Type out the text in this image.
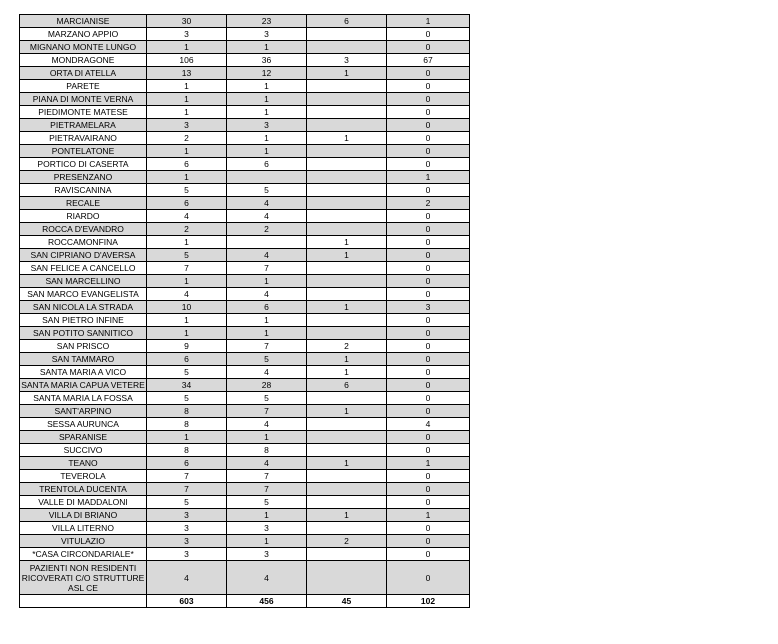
MARCIANISE	30	23	6	1
MARZANO APPIO	3	3		0
MIGNANO MONTE LUNGO	1	1		0
MONDRAGONE	106	36	3	67
ORTA DI ATELLA	13	12	1	0
PARETE	1	1		0
PIANA DI MONTE VERNA	1	1		0
PIEDIMONTE MATESE	1	1		0
PIETRAMELARA	3	3		0
PIETRAVAIRANO	2	1	1	0
PONTELATONE	1	1		0
PORTICO DI CASERTA	6	6		0
PRESENZANO	1			1
RAVISCANINA	5	5		0
RECALE	6	4		2
RIARDO	4	4		0
ROCCA D'EVANDRO	2	2		0
ROCCAMONFINA	1		1	0
SAN CIPRIANO D'AVERSA	5	4	1	0
SAN FELICE A CANCELLO	7	7		0
SAN MARCELLINO	1	1		0
SAN MARCO EVANGELISTA	4	4		0
SAN NICOLA LA STRADA	10	6	1	3
SAN PIETRO INFINE	1	1		0
SAN POTITO SANNITICO	1	1		0
SAN PRISCO	9	7	2	0
SAN TAMMARO	6	5	1	0
SANTA MARIA A VICO	5	4	1	0
SANTA MARIA CAPUA VETERE	34	28	6	0
SANTA MARIA LA FOSSA	5	5		0
SANT'ARPINO	8	7	1	0
SESSA AURUNCA	8	4		4
SPARANISE	1	1		0
SUCCIVO	8	8		0
TEANO	6	4	1	1
TEVEROLA	7	7		0
TRENTOLA DUCENTA	7	7		0
VALLE DI MADDALONI	5	5		0
VILLA DI BRIANO	3	1	1	1
VILLA LITERNO	3	3		0
VITULAZIO	3	1	2	0
*CASA CIRCONDARIALE*	3	3		0
PAZIENTI NON RESIDENTI RICOVERATI C/O STRUTTURE ASL CE	4	4		0
	603	456	45	102
